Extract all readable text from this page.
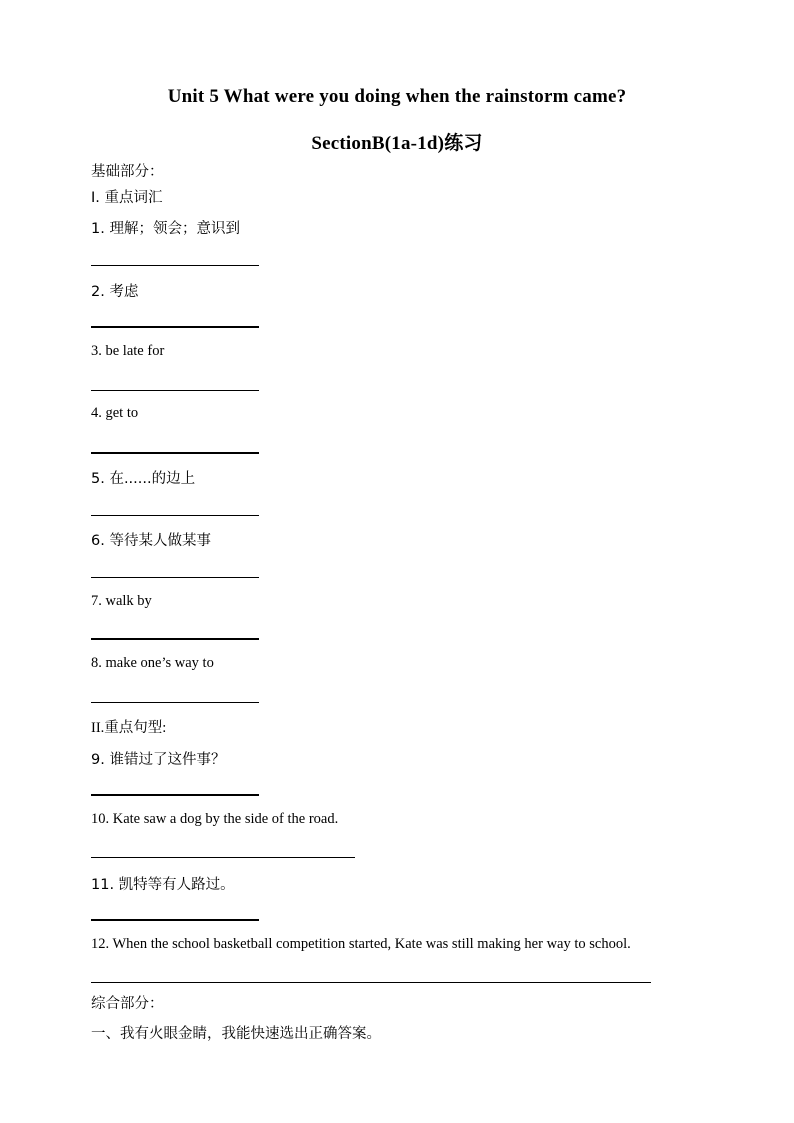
Unit 5 What were you doing when the rainstorm came?
SectionB(1a-1d)练习
基础部分：
I. 重点词汇
1. 理解；领会；意识到
2. 考虑
3. be late for
4. get to
5. 在......的边上
6. 等待某人做某事
7. walk by
8. make one’s way to
II.重点句型:
9. 谁错过了这件事？
10. Kate saw a dog by the side of the road.
11. 凯特等有人路过。
12. When the school basketball competition started, Kate was still making her way to school.
综合部分：
一、我有火眼金睛，我能快速选出正确答案。
